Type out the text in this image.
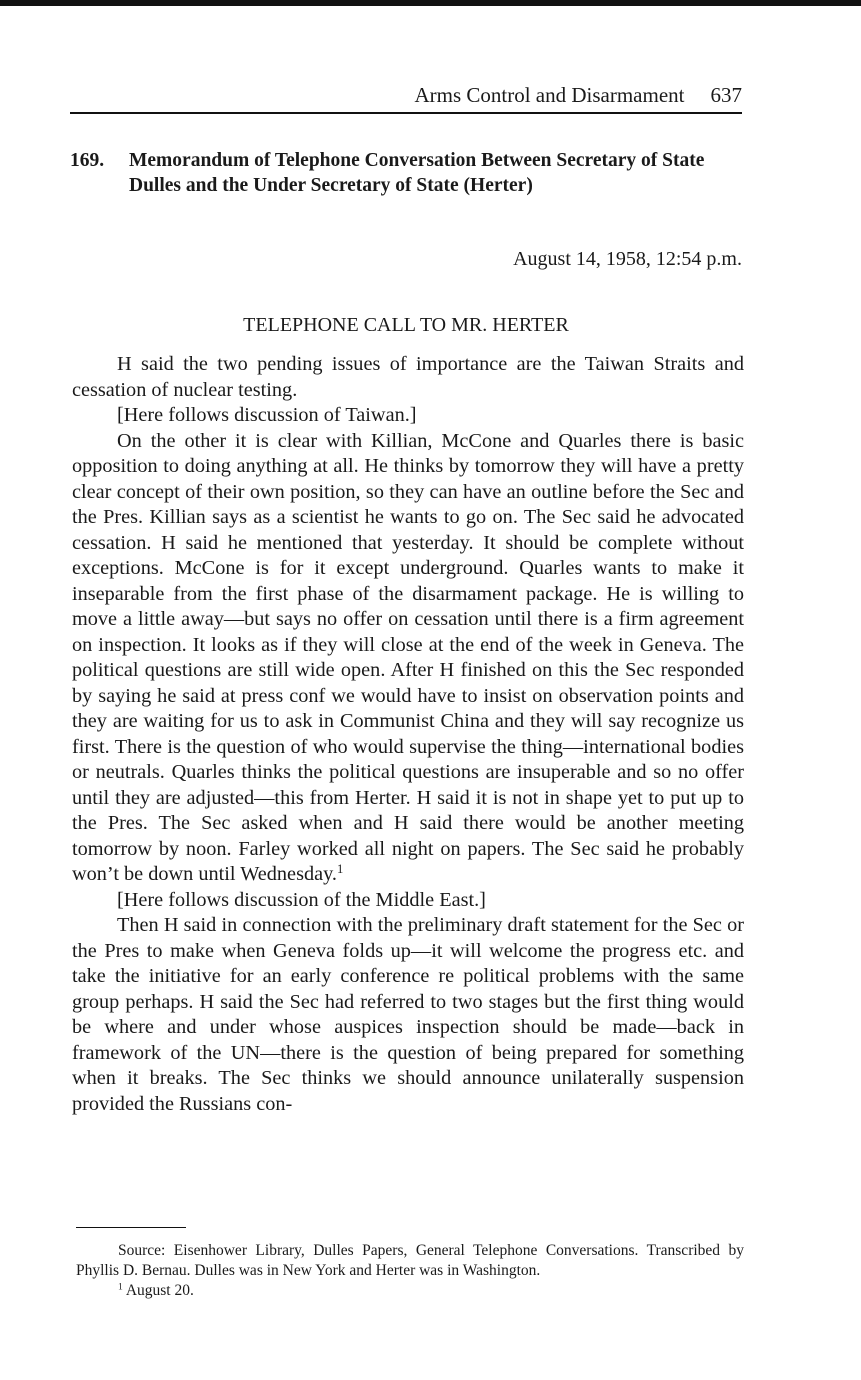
Arms Control and Disarmament 637
169. Memorandum of Telephone Conversation Between Secretary of State Dulles and the Under Secretary of State (Herter)
August 14, 1958, 12:54 p.m.
TELEPHONE CALL TO MR. HERTER

H said the two pending issues of importance are the Taiwan Straits and cessation of nuclear testing.

[Here follows discussion of Taiwan.]

On the other it is clear with Killian, McCone and Quarles there is basic opposition to doing anything at all. He thinks by tomorrow they will have a pretty clear concept of their own position, so they can have an outline before the Sec and the Pres. Killian says as a scientist he wants to go on. The Sec said he advocated cessation. H said he mentioned that yesterday. It should be complete without exceptions. McCone is for it except underground. Quarles wants to make it inseparable from the first phase of the disarmament package. He is willing to move a little away—but says no offer on cessation until there is a firm agreement on inspection. It looks as if they will close at the end of the week in Geneva. The political questions are still wide open. After H finished on this the Sec responded by saying he said at press conf we would have to insist on observation points and they are waiting for us to ask in Communist China and they will say recognize us first. There is the question of who would supervise the thing—international bodies or neutrals. Quarles thinks the political questions are insuperable and so no offer until they are adjusted—this from Herter. H said it is not in shape yet to put up to the Pres. The Sec asked when and H said there would be another meeting tomorrow by noon. Farley worked all night on papers. The Sec said he probably won’t be down until Wednesday.$^1$

[Here follows discussion of the Middle East.]

Then H said in connection with the preliminary draft statement for the Sec or the Pres to make when Geneva folds up—it will welcome the progress etc. and take the initiative for an early conference re political problems with the same group perhaps. H said the Sec had referred to two stages but the first thing would be where and under whose auspices inspection should be made—back in framework of the UN—there is the question of being prepared for something when it breaks. The Sec thinks we should announce unilaterally suspension provided the Russians con-

Source: Eisenhower Library, Dulles Papers, General Telephone Conversations. Transcribed by Phyllis D. Bernau. Dulles was in New York and Herter was in Washington.

$^1$ August 20.
